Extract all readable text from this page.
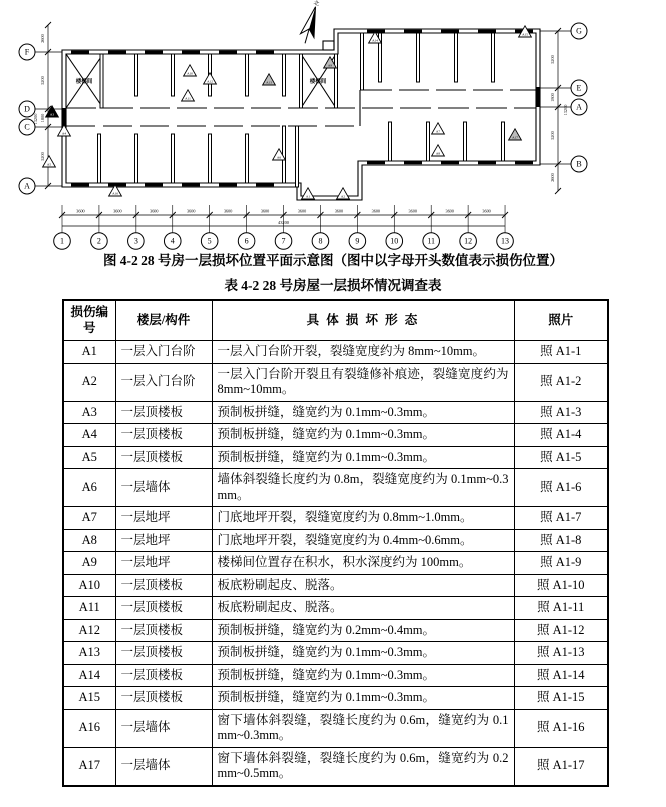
楼梯间	楼梯间
F
D
C
A
G
E
A
B
2600
5200
1800
5200
13200
5200
1800
5200
2600
13200
1	2	3	4	5	6	7	8	9	10	11	12	13
3600	3600	3600	3600	3600	3600	3600	3600	3600	3600	3600	3600
43200
北
A1	A2
A3
A4
A5
A6
A7
A8
A9
A10
A11
A12	A13
A14
A15
A16
A17
图 4-2 28 号房一层损坏位置平面示意图（图中以字母开头数值表示损伤位置）
表 4-2 28 号房屋一层损坏情况调查表
损伤编号	楼层/构件	具 体 损 坏 形 态	照片
A1	一层入门台阶	一层入门台阶开裂，裂缝宽度约为 8mm~10mm。	照 A1-1
A2	一层入门台阶	一层入门台阶开裂且有裂缝修补痕迹，裂缝宽度约为 8mm~10mm。	照 A1-2
A3	一层顶楼板	预制板拼缝，缝宽约为 0.1mm~0.3mm。	照 A1-3
A4	一层顶楼板	预制板拼缝，缝宽约为 0.1mm~0.3mm。	照 A1-4
A5	一层顶楼板	预制板拼缝，缝宽约为 0.1mm~0.3mm。	照 A1-5
A6	一层墙体	墙体斜裂缝长度约为 0.8m，裂缝宽度约为 0.1mm~0.3mm。	照 A1-6
A7	一层地坪	门底地坪开裂，裂缝宽度约为 0.8mm~1.0mm。	照 A1-7
A8	一层地坪	门底地坪开裂，裂缝宽度约为 0.4mm~0.6mm。	照 A1-8
A9	一层地坪	楼梯间位置存在积水，积水深度约为 100mm。	照 A1-9
A10	一层顶楼板	板底粉刷起皮、脱落。	照 A1-10
A11	一层顶楼板	板底粉刷起皮、脱落。	照 A1-11
A12	一层顶楼板	预制板拼缝，缝宽约为 0.2mm~0.4mm。	照 A1-12
A13	一层顶楼板	预制板拼缝，缝宽约为 0.1mm~0.3mm。	照 A1-13
A14	一层顶楼板	预制板拼缝，缝宽约为 0.1mm~0.3mm。	照 A1-14
A15	一层顶楼板	预制板拼缝，缝宽约为 0.1mm~0.3mm。	照 A1-15
A16	一层墙体	窗下墙体斜裂缝，裂缝长度约为 0.6m，缝宽约为 0.1mm~0.3mm。	照 A1-16
A17	一层墙体	窗下墙体斜裂缝，裂缝长度约为 0.6m，缝宽约为 0.2mm~0.5mm。	照 A1-17
